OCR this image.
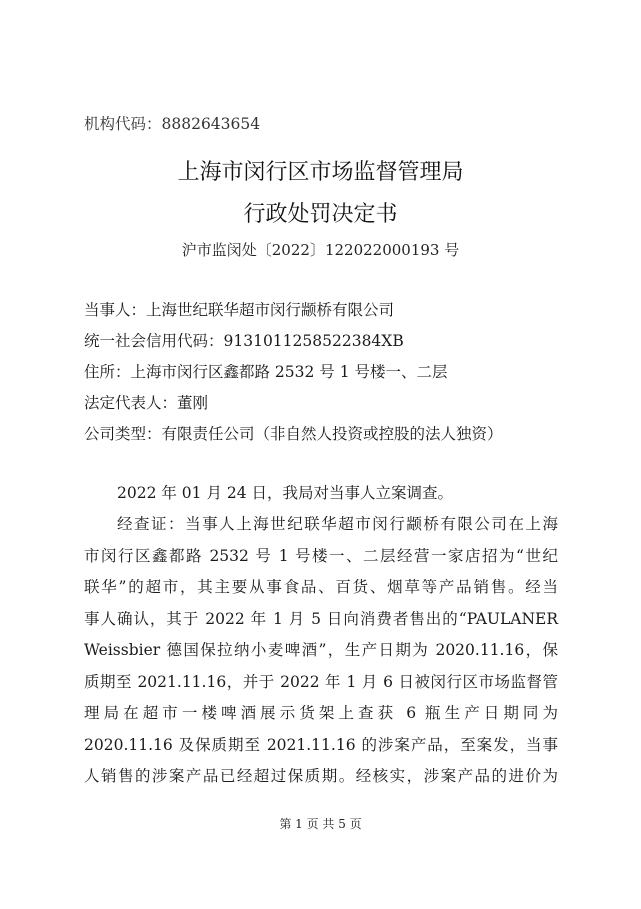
机构代码：8882643654
上海市闵行区市场监督管理局
行政处罚决定书
沪市监闵处〔2022〕122022000193 号
当事人：上海世纪联华超市闵行颛桥有限公司
统一社会信用代码：913101125852238​4XB
住所：上海市闵行区鑫都路 2532 号 1 号楼一、二层
法定代表人：董刚
公司类型：有限责任公司（非自然人投资或控股的法人独资）
2022 年 01 月 24 日，我局对当事人立案调查。
经查证：当事人上海世纪联华超市闵行颛桥有限公司在上海
市闵行区鑫都路 2532 号 1 号楼一、二层经营一家店招为“世纪
联华”的超市，其主要从事食品、百货、烟草等产品销售。经当
事人确认，其于 2022 年 1 月 5 日向消费者售出的“PAULANER
Weissbier 德国保拉纳小麦啤酒”，生产日期为 2020.11.16，保
质期至 2021.11.16，并于 2022 年 1 月 6 日被闵行区市场监督管
理局在超市一楼啤酒展示货架上查获 6 瓶生产日期同为
2020.11.16 及保质期至 2021.11.16 的涉案产品，至案发，当事
人销售的涉案产品已经超过保质期。经核实，涉案产品的进价为
第 1 页 共 5 页
